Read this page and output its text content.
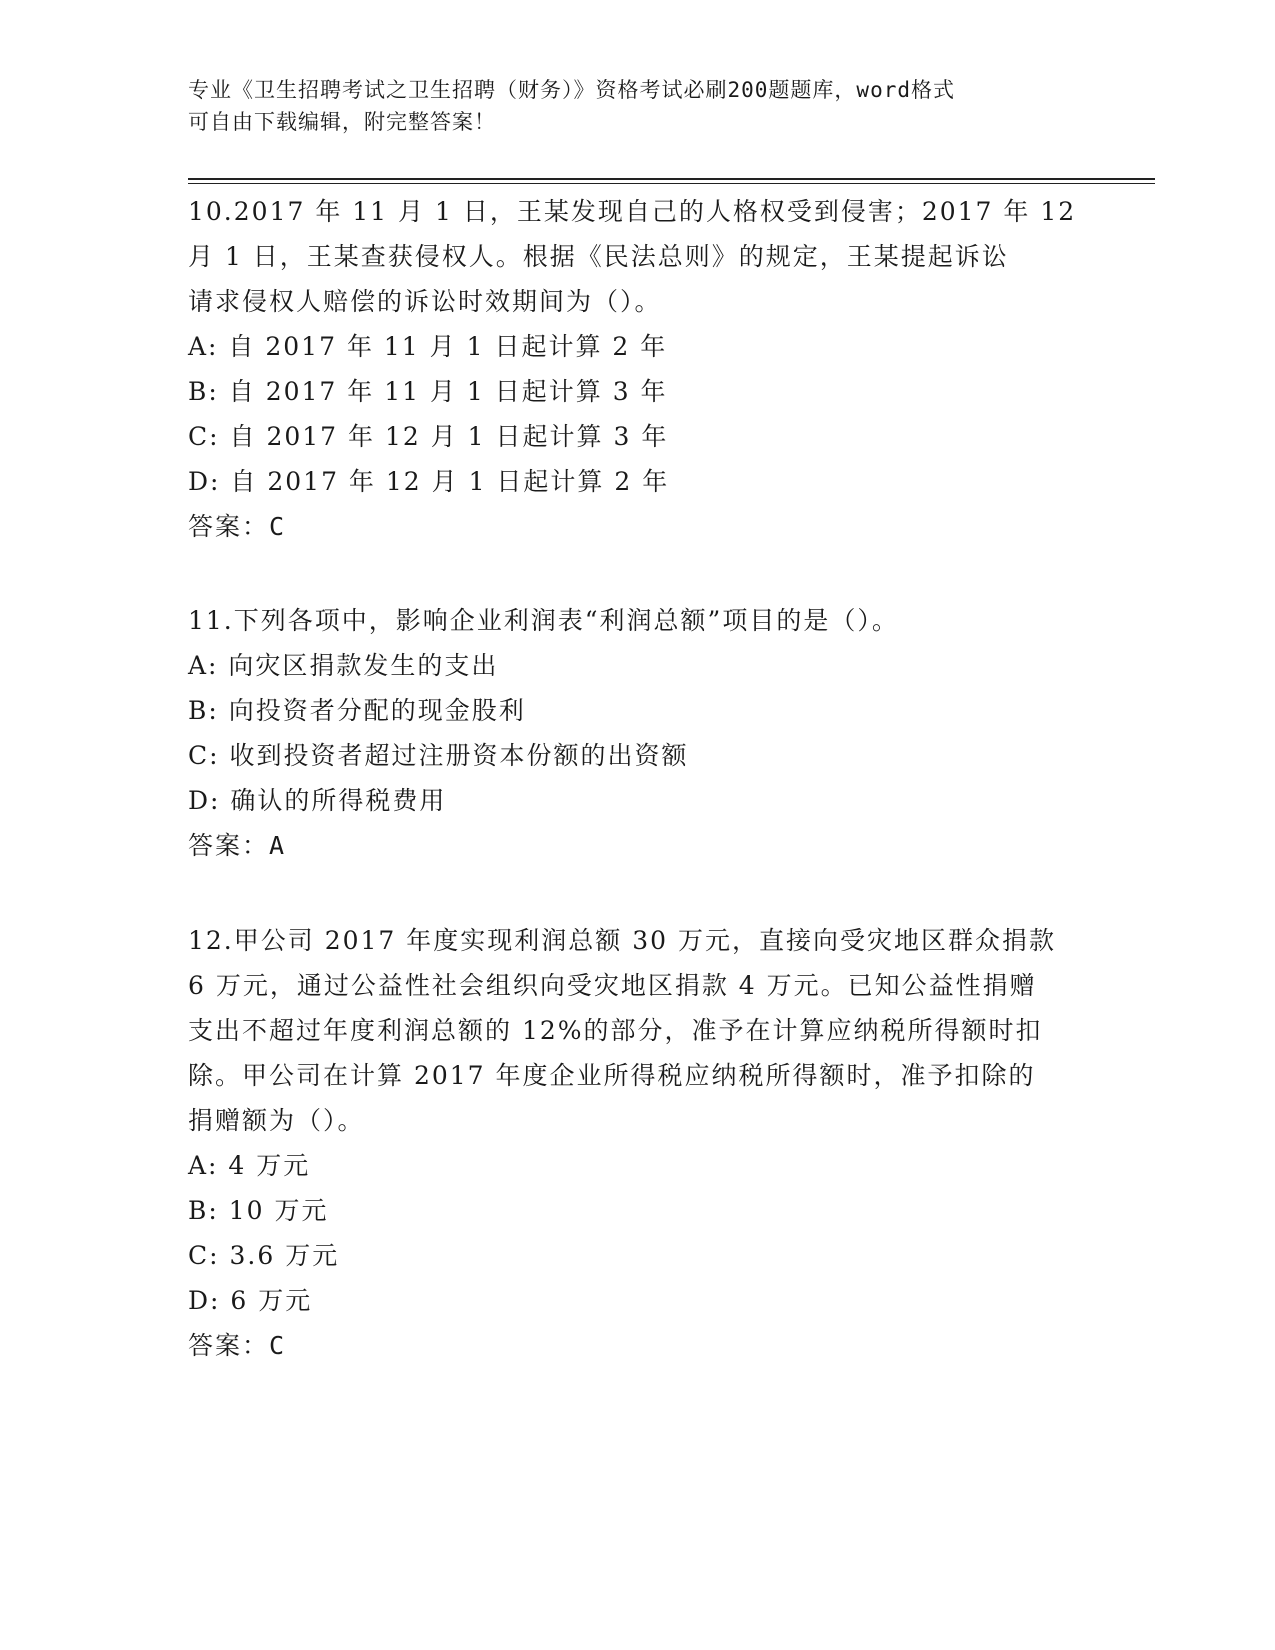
专业《卫生招聘考试之卫生招聘（财务）》资格考试必刷200题题库，word格式
可自由下载编辑，附完整答案！

10.2017 年 11 月 1 日，王某发现自己的人格权受到侵害；2017 年 12

月 1 日，王某查获侵权人。根据《民法总则》的规定，王某提起诉讼

请求侵权人赔偿的诉讼时效期间为（）。

A: 自 2017 年 11 月 1 日起计算 2 年

B: 自 2017 年 11 月 1 日起计算 3 年

C: 自 2017 年 12 月 1 日起计算 3 年

D: 自 2017 年 12 月 1 日起计算 2 年

答案：C

11.下列各项中，影响企业利润表“利润总额”项目的是（）。

A: 向灾区捐款发生的支出

B: 向投资者分配的现金股利

C: 收到投资者超过注册资本份额的出资额

D: 确认的所得税费用

答案：A

12.甲公司 2017 年度实现利润总额 30 万元，直接向受灾地区群众捐款

6 万元，通过公益性社会组织向受灾地区捐款 4 万元。已知公益性捐赠

支出不超过年度利润总额的 12%的部分，准予在计算应纳税所得额时扣

除。甲公司在计算 2017 年度企业所得税应纳税所得额时，准予扣除的

捐赠额为（）。

A: 4 万元

B: 10 万元

C: 3.6 万元

D: 6 万元

答案：C
